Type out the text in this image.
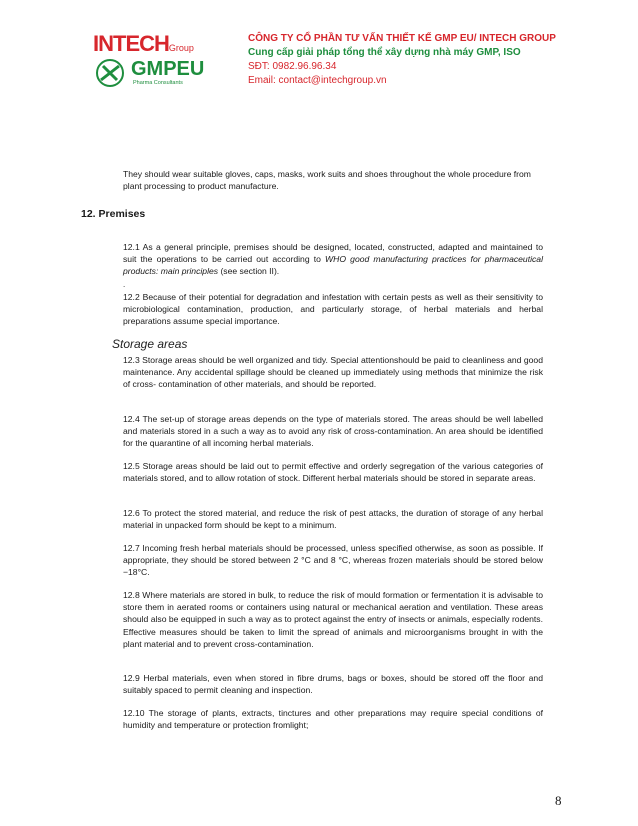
INTECHGroup
GMPEU
Pharma Consultants
CÔNG TY CỔ PHẦN TƯ VẤN THIẾT KẾ GMP EU/ INTECH GROUP
Cung cấp giải pháp tổng thể xây dựng nhà máy GMP, ISO
SĐT: 0982.96.96.34
Email: contact@intechgroup.vn

They should wear suitable gloves, caps, masks, work suits and shoes throughout the whole procedure from plant processing to product manufacture.

12. Premises

12.1 As a general principle, premises should be designed, located, constructed, adapted and maintained to suit the operations to be carried out according to WHO good manufacturing practices for pharmaceutical products: main principles (see section II).

.

12.2 Because of their potential for degradation and infestation with certain pests as well as their sensitivity to microbiological contamination, production, and particularly storage, of herbal materials and herbal preparations assume special importance.

Storage areas

12.3 Storage areas should be well organized and tidy. Special attentionshould be paid to cleanliness and good maintenance. Any accidental spillage should be cleaned up immediately using methods that minimize the risk of cross- contamination of other materials, and should be reported.

12.4 The set-up of storage areas depends on the type of materials stored. The areas should be well labelled and materials stored in a such a way as to avoid any risk of cross-contamination. An area should be identified for the quarantine of all incoming herbal materials.

12.5 Storage areas should be laid out to permit effective and orderly segregation of the various categories of materials stored, and to allow rotation of stock. Different herbal materials should be stored in separate areas.

12.6 To protect the stored material, and reduce the risk of pest attacks, the duration of storage of any herbal material in unpacked form should be kept to a minimum.

12.7 Incoming fresh herbal materials should be processed, unless specified otherwise, as soon as possible. If appropriate, they should be stored between 2 °C and 8 °C, whereas frozen materials should be stored below −18°C.

12.8 Where materials are stored in bulk, to reduce the risk of mould formation or fermentation it is advisable to store them in aerated rooms or containers using natural or mechanical aeration and ventilation. These areas should also be equipped in such a way as to protect against the entry of insects or animals, especially rodents. Effective measures should be taken to limit the spread of animals and microorganisms brought in with the plant material and to prevent cross-contamination.

12.9 Herbal materials, even when stored in fibre drums, bags or boxes, should be stored off the floor and suitably spaced to permit cleaning and inspection.

12.10 The storage of plants, extracts, tinctures and other preparations may require special conditions of humidity and temperature or protection fromlight;

8
